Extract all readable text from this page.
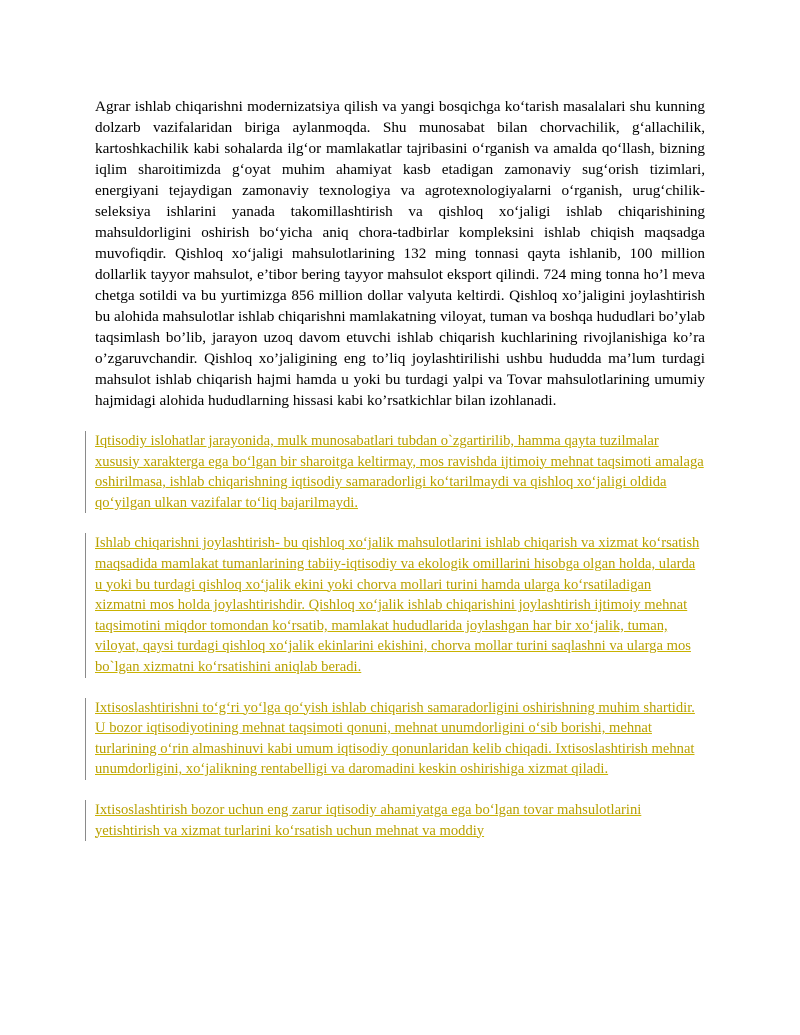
Agrar ishlab chiqarishni modernizatsiya qilish va yangi bosqichga ko‘tarish masalalari shu kunning dolzarb vazifalaridan biriga aylanmoqda. Shu munosabat bilan chorvachilik, g‘allachilik, kartoshkachilik kabi sohalarda ilg‘or mamlakatlar tajribasini o‘rganish va amalda qo‘llash, bizning iqlim sharoitimizda g‘oyat muhim ahamiyat kasb etadigan zamonaviy sug‘orish tizimlari, energiyani tejaydigan zamonaviy texnologiya va agrotexnologiyalarni o‘rganish, urug‘chilik-seleksiya ishlarini yanada takomillashtirish va qishloq xo‘jaligi ishlab chiqarishining mahsuldorligini oshirish bo‘yicha aniq chora-tadbirlar kompleksini ishlab chiqish maqsadga muvofiqdir. Qishloq xo‘jaligi mahsulotlarining 132 ming tonnasi qayta ishlanib, 100 million dollarlik tayyor mahsulot, e’tibor bering tayyor mahsulot eksport qilindi. 724 ming tonna ho’l meva chetga sotildi va bu yurtimizga 856 million dollar valyuta keltirdi. Qishloq xo’jaligini joylashtirish bu alohida mahsulotlar ishlab chiqarishni mamlakatning viloyat, tuman va boshqa hududlari bo’ylab taqsimlash bo’lib, jarayon uzoq davom etuvchi ishlab chiqarish kuchlarining rivojlanishiga ko’ra o’zgaruvchandir. Qishloq xo’jaligining eng to’liq joylashtirilishi ushbu hududda ma’lum turdagi mahsulot ishlab chiqarish hajmi hamda u yoki bu turdagi yalpi va Tovar mahsulotlarining umumiy hajmidagi alohida hududlarning hissasi kabi ko’rsatkichlar bilan izohlanadi.

Iqtisodiy islohatlar jarayonida, mulk munosabatlari tubdan o`zgartirilib, hamma qayta tuzilmalar xususiy xarakterga ega bo‘lgan bir sharoitga keltirmay, mos ravishda ijtimoiy mehnat taqsimoti amalaga oshirilmasa, ishlab chiqarishning iqtisodiy samaradorligi ko‘tarilmaydi va qishloq xo‘jaligi oldida qo‘yilgan ulkan vazifalar to‘liq bajarilmaydi.

Ishlab chiqarishni joylashtirish- bu qishloq xo‘jalik mahsulotlarini ishlab chiqarish va xizmat ko‘rsatish maqsadida mamlakat tumanlarining tabiiy-iqtisodiy va ekologik omillarini hisobga olgan holda, ularda u yoki bu turdagi qishloq xo‘jalik ekini yoki chorva mollari turini hamda ularga ko‘rsatiladigan xizmatni mos holda joylashtirishdir. Qishloq xo‘jalik ishlab chiqarishini joylashtirish ijtimoiy mehnat taqsimotini miqdor tomondan ko‘rsatib, mamlakat hududlarida joylashgan har bir xo‘jalik, tuman, viloyat, qaysi turdagi qishloq xo‘jalik ekinlarini ekishini, chorva mollar turini saqlashni va ularga mos bo`lgan xizmatni ko‘rsatishini aniqlab beradi.

Ixtisoslashtirishni to‘g‘ri yo‘lga qo‘yish ishlab chiqarish samaradorligini oshirishning muhim shartidir. U bozor iqtisodiyotining mehnat taqsimoti qonuni, mehnat unumdorligini o‘sib borishi, mehnat turlarining o‘rin almashinuvi kabi umum iqtisodiy qonunlaridan kelib chiqadi. Ixtisoslashtirish mehnat unumdorligini, xo‘jalikning rentabelligi va daromadini keskin oshirishiga xizmat qiladi.

Ixtisoslashtirish bozor uchun eng zarur iqtisodiy ahamiyatga ega bo‘lgan tovar mahsulotlarini yetishtirish va xizmat turlarini ko‘rsatish uchun mehnat va moddiy
